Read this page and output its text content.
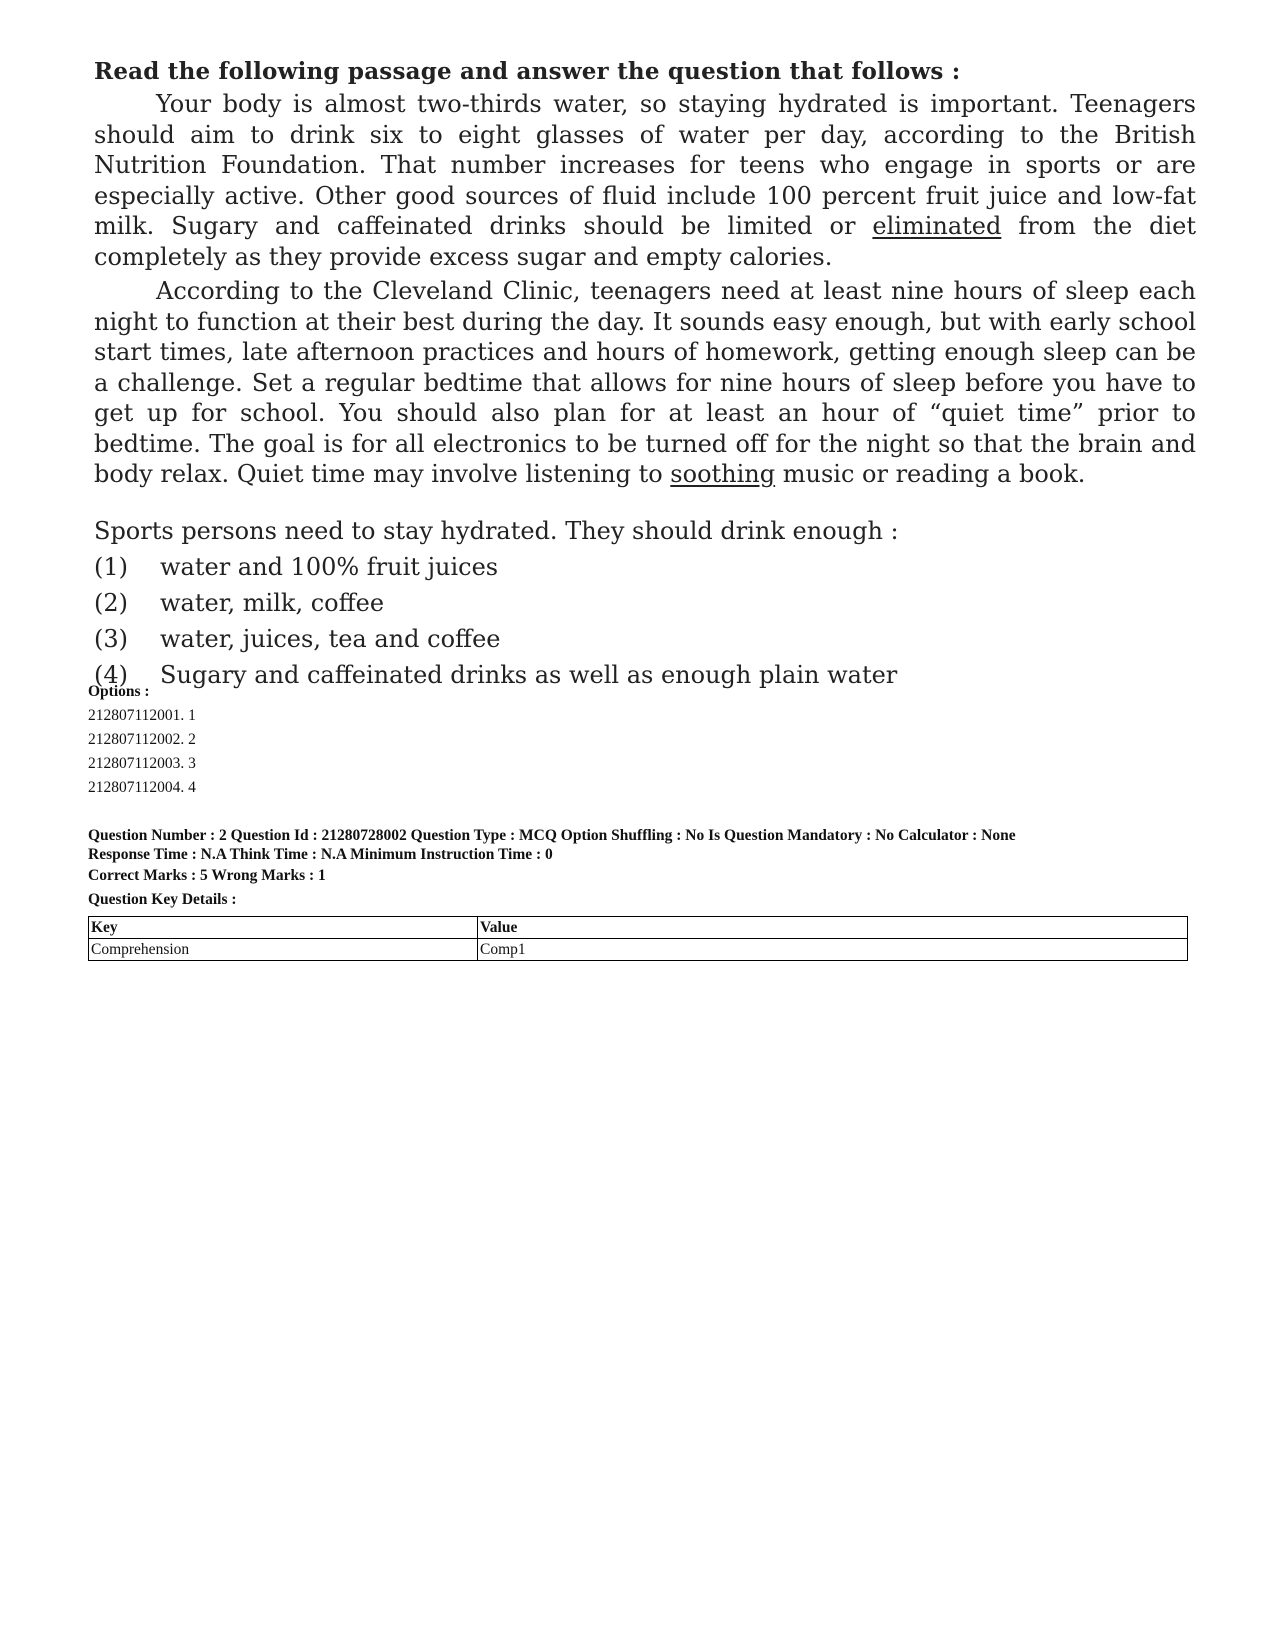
Read the following passage and answer the question that follows :

Your body is almost two-thirds water, so staying hydrated is important. Teenagers should aim to drink six to eight glasses of water per day, according to the British Nutrition Foundation. That number increases for teens who engage in sports or are especially active. Other good sources of fluid include 100 percent fruit juice and low-fat milk. Sugary and caffeinated drinks should be limited or eliminated from the diet completely as they provide excess sugar and empty calories.

According to the Cleveland Clinic, teenagers need at least nine hours of sleep each night to function at their best during the day. It sounds easy enough, but with early school start times, late afternoon practices and hours of homework, getting enough sleep can be a challenge. Set a regular bedtime that allows for nine hours of sleep before you have to get up for school. You should also plan for at least an hour of “quiet time” prior to bedtime. The goal is for all electronics to be turned off for the night so that the brain and body relax. Quiet time may involve listening to soothing music or reading a book.

Sports persons need to stay hydrated. They should drink enough :
(1)	water and 100% fruit juices
(2)	water, milk, coffee
(3)	water, juices, tea and coffee
(4)	Sugary and caffeinated drinks as well as enough plain water
Options :
212807112001. 1
212807112002. 2
212807112003. 3
212807112004. 4
Question Number : 2 Question Id : 21280728002 Question Type : MCQ Option Shuffling : No Is Question Mandatory : No Calculator : None
Response Time : N.A Think Time : N.A Minimum Instruction Time : 0
Correct Marks : 5 Wrong Marks : 1
Question Key Details :
Key	Value
Comprehension	Comp1
